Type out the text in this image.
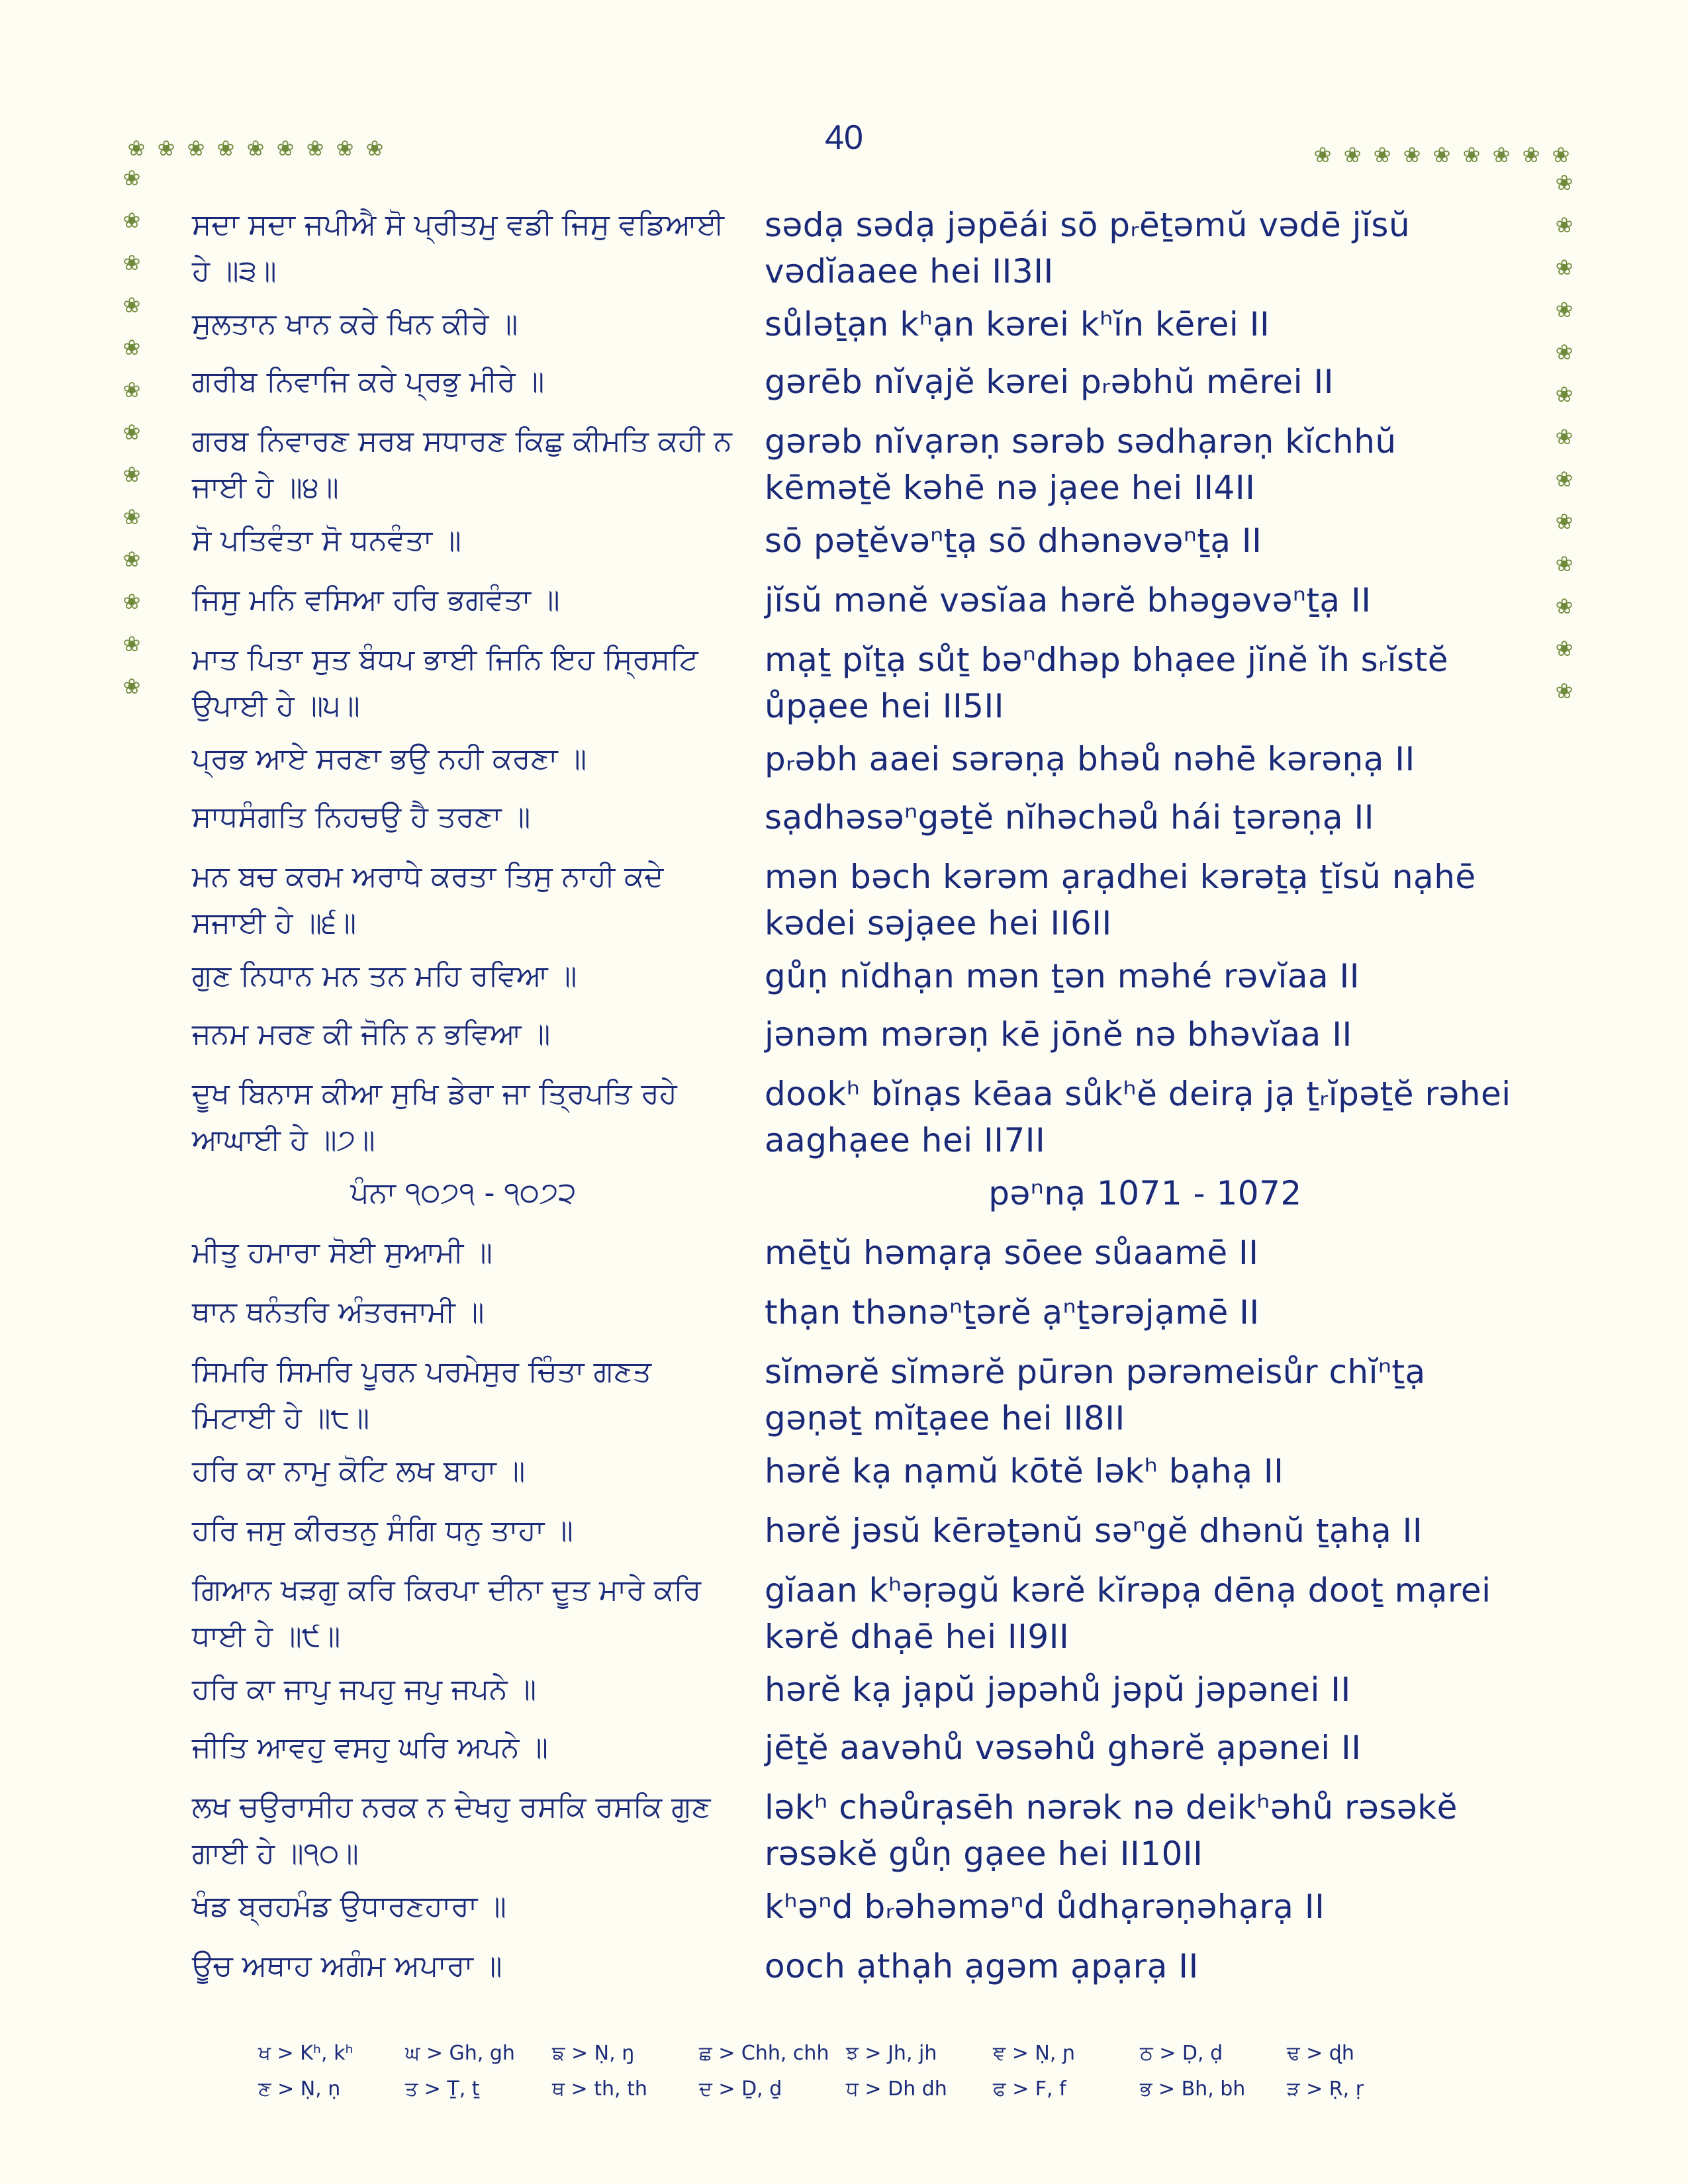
40
❀ ❀ ❀ ❀ ❀ ❀ ❀ ❀ ❀	❀ ❀ ❀ ❀ ❀ ❀ ❀ ❀ ❀
❀
❀
❀
❀
❀
❀
❀
❀
❀
❀
❀
❀
❀
❀
❀
❀
❀
❀
❀
❀
❀
❀
❀
❀
❀
❀
ਸਦਾ ਸਦਾ ਜਪੀਐ ਸੋ ਪ੍ਰੀਤਮੁ ਵਡੀ ਜਿਸੁ ਵਡਿਆਈ ਹੇ ॥੩॥
sədạ sədạ jəpēái sō pᵣēṯəmŭ vədē jĭsŭ vədĭaaee hei II3II
ਸੁਲਤਾਨ ਖਾਨ ਕਰੇ ਖਿਨ ਕੀਰੇ ॥	sůləṯạn kʰạn kərei kʰĭn kērei II
ਗਰੀਬ ਨਿਵਾਜਿ ਕਰੇ ਪ੍ਰਭੁ ਮੀਰੇ ॥	gərēb nĭvạjĕ kərei pᵣəbhŭ mērei II
ਗਰਬ ਨਿਵਾਰਣ ਸਰਬ ਸਧਾਰਣ ਕਿਛੁ ਕੀਮਤਿ ਕਹੀ ਨ ਜਾਈ ਹੇ ॥੪॥
gərəb nĭvạrəṇ sərəb sədhạrəṇ kĭchhŭ kēməṯĕ kəhē nə jạee hei II4II
ਸੋ ਪਤਿਵੰਤਾ ਸੋ ਧਨਵੰਤਾ ॥	sō pəṯĕvəⁿṯạ sō dhənəvəⁿṯạ II
ਜਿਸੁ ਮਨਿ ਵਸਿਆ ਹਰਿ ਭਗਵੰਤਾ ॥	jĭsŭ mənĕ vəsĭaa hərĕ bhəgəvəⁿṯạ II
ਮਾਤ ਪਿਤਾ ਸੁਤ ਬੰਧਪ ਭਾਈ ਜਿਨਿ ਇਹ ਸ੍ਰਿਸਟਿ ਉਪਾਈ ਹੇ ॥੫॥
mạṯ pĭṯạ sůṯ bəⁿdhəp bhạee jĭnĕ ĭh sᵣĭstĕ ůpạee hei II5II
ਪ੍ਰਭ ਆਏ ਸਰਣਾ ਭਉ ਨਹੀ ਕਰਣਾ ॥	pᵣəbh aaei sərəṇạ bhəů nəhē kərəṇạ II
ਸਾਧਸੰਗਤਿ ਨਿਹਚਉ ਹੈ ਤਰਣਾ ॥	sạdhəsəⁿgəṯĕ nĭhəchəů hái ṯərəṇạ II
ਮਨ ਬਚ ਕਰਮ ਅਰਾਧੇ ਕਰਤਾ ਤਿਸੁ ਨਾਹੀ ਕਦੇ ਸਜਾਈ ਹੇ ॥੬॥
mən bəch kərəm ạrạdhei kərəṯạ ṯĭsŭ nạhē kədei səjạee hei II6II
ਗੁਣ ਨਿਧਾਨ ਮਨ ਤਨ ਮਹਿ ਰਵਿਆ ॥	gůṇ nĭdhạn mən ṯən məhé rəvĭaa II
ਜਨਮ ਮਰਣ ਕੀ ਜੋਨਿ ਨ ਭਵਿਆ ॥	jənəm mərəṇ kē jōnĕ nə bhəvĭaa II
ਦੂਖ ਬਿਨਾਸ ਕੀਆ ਸੁਖਿ ਡੇਰਾ ਜਾ ਤ੍ਰਿਪਤਿ ਰਹੇ ਆਘਾਈ ਹੇ ॥੭॥
dookʰ bĭnạs kēaa sůkʰĕ deirạ jạ ṯᵣĭpəṯĕ rəhei aaghạee hei II7II
ਪੰਨਾ ੧੦੭੧ - ੧੦੭੨	pəⁿnạ 1071 - 1072
ਮੀਤੁ ਹਮਾਰਾ ਸੋਈ ਸੁਆਮੀ ॥	mēṯŭ həmạrạ sōee sůaamē II
ਥਾਨ ਥਨੰਤਰਿ ਅੰਤਰਜਾਮੀ ॥	thạn thənəⁿṯərĕ ạⁿṯərəjạmē II
ਸਿਮਰਿ ਸਿਮਰਿ ਪੂਰਨ ਪਰਮੇਸੁਰ ਚਿੰਤਾ ਗਣਤ ਮਿਟਾਈ ਹੇ ॥੮॥
sĭmərĕ sĭmərĕ pūrən pərəmeisůr chĭⁿṯạ gəṇəṯ mĭṯạee hei II8II
ਹਰਿ ਕਾ ਨਾਮੁ ਕੋਟਿ ਲਖ ਬਾਹਾ ॥	hərĕ kạ nạmŭ kōtĕ ləkʰ bạhạ II
ਹਰਿ ਜਸੁ ਕੀਰਤਨੁ ਸੰਗਿ ਧਨੁ ਤਾਹਾ ॥	hərĕ jəsŭ kērəṯənŭ səⁿgĕ dhənŭ ṯạhạ II
ਗਿਆਨ ਖੜਗੁ ਕਰਿ ਕਿਰਪਾ ਦੀਨਾ ਦੂਤ ਮਾਰੇ ਕਰਿ ਧਾਈ ਹੇ ॥੯॥
gĭaan kʰəṛəgŭ kərĕ kĭrəpạ dēnạ dooṯ mạrei kərĕ dhạē hei II9II
ਹਰਿ ਕਾ ਜਾਪੁ ਜਪਹੁ ਜਪੁ ਜਪਨੇ ॥	hərĕ kạ jạpŭ jəpəhů jəpŭ jəpənei II
ਜੀਤਿ ਆਵਹੁ ਵਸਹੁ ਘਰਿ ਅਪਨੇ ॥	jēṯĕ aavəhů vəsəhů ghərĕ ạpənei II
ਲਖ ਚਉਰਾਸੀਹ ਨਰਕ ਨ ਦੇਖਹੁ ਰਸਕਿ ਰਸਕਿ ਗੁਣ ਗਾਈ ਹੇ ॥੧੦॥
ləkʰ chəůrạsēh nərək nə deikʰəhů rəsəkĕ rəsəkĕ gůṇ gạee hei II10II
ਖੰਡ ਬ੍ਰਹਮੰਡ ਉਧਾਰਣਹਾਰਾ ॥	kʰəⁿd bᵣəhəməⁿd ůdhạrəṇəhạrạ II
ਊਚ ਅਥਾਹ ਅਗੰਮ ਅਪਾਰਾ ॥	ooch ạthạh ạgəm ạpạrạ II
ਖ > Kʰ, kʰ	ਘ > Gh, gh	ਙ > Ṇ, ŋ	ਛ > Chh, chh ਝ > Jh, jh	ਞ > Ṇ, ɲ	ਠ > Ḍ, ḍ	ਢ > ɖh
ਣ > Ṇ, ṇ	ਤ > Ṯ, ṯ	ਥ > th, th	ਦ > Ḏ, ḏ	ਧ > Dh dh	ਫ > F, f	ਭ > Bh, bh	ੜ > Ṛ, ṛ
